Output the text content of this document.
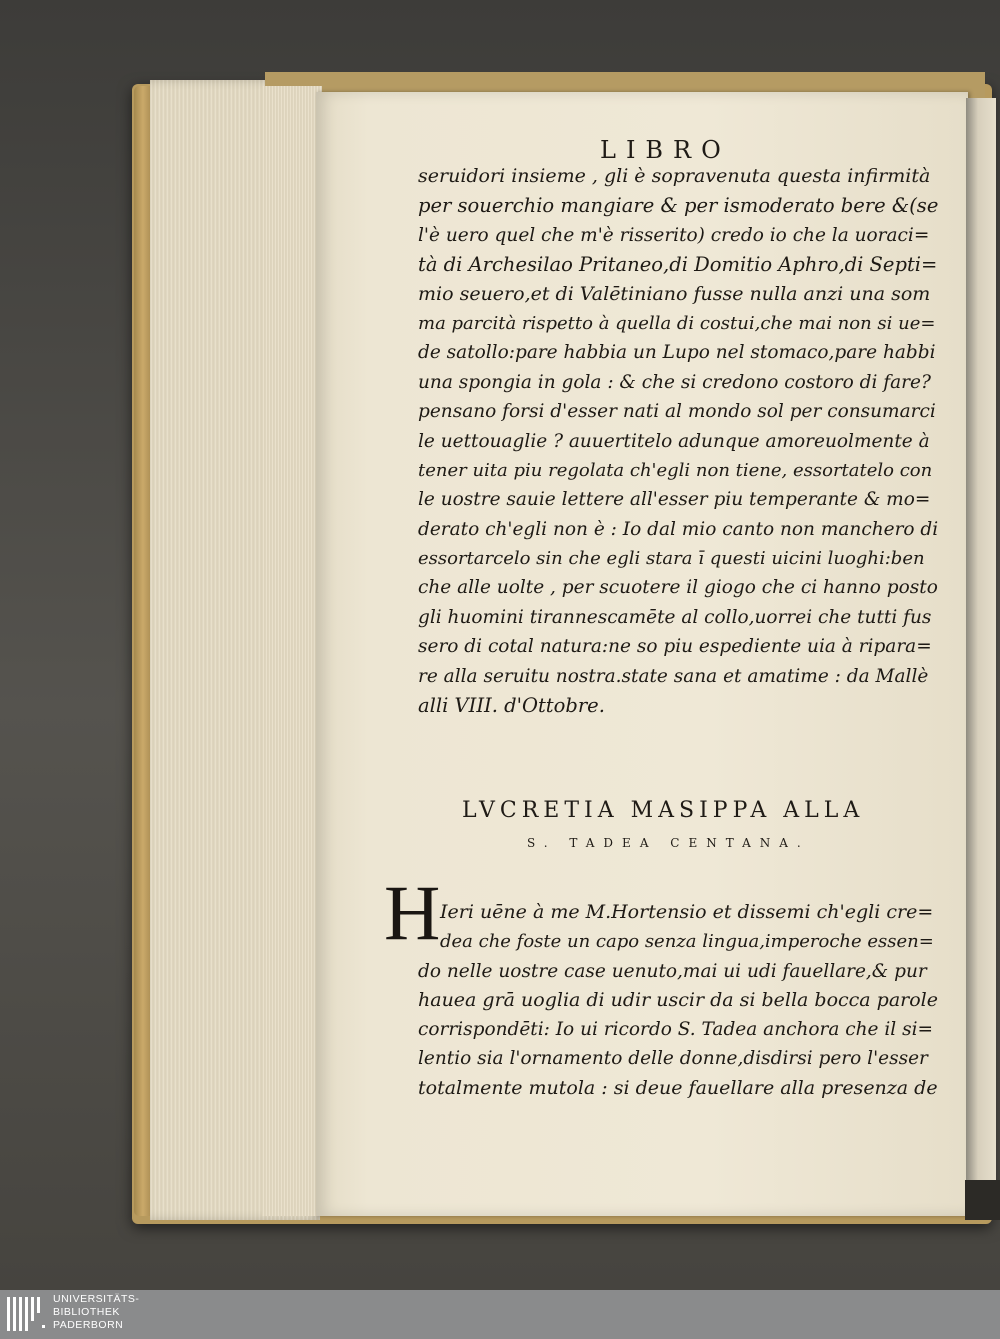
LIBRO
seruidori insieme , gli è sopravenuta questa infirmità
per souerchio mangiare & per ismoderato bere &(se
l'è uero quel che m'è risserito) credo io che la uoraci=
tà di Archesilao Pritaneo,di Domitio Aphro,di Septi=
mio seuero,et di Valētiniano fusse nulla anzi una som
ma parcità rispetto à quella di costui,che mai non si ue=
de satollo:pare habbia un Lupo nel stomaco,pare habbi
una spongia in gola : & che si credono costoro di fare?
pensano forsi d'esser nati al mondo sol per consumarci
le uettouaglie ? auuertitelo adunque amoreuolmente à
tener uita piu regolata ch'egli non tiene, essortatelo con
le uostre sauie lettere all'esser piu temperante & mo=
derato ch'egli non è : Io dal mio canto non manchero di
essortarcelo sin che egli stara ī questi uicini luoghi:ben
che alle uolte , per scuotere il giogo che ci hanno posto
gli huomini tirannescamēte al collo,uorrei che tutti fus
sero di cotal natura:ne so piu espediente uia à ripara=
re alla seruitu nostra.state sana et amatime : da Mallè
alli VIII. d'Ottobre.
LVCRETIA MASIPPA ALLA
S. TADEA CENTANA.
H Ieri uēne à me M.Hortensio et dissemi ch'egli cre=
dea che foste un capo senza lingua,imperoche essen=
do nelle uostre case uenuto,mai ui udi fauellare,& pur
hauea grā uoglia di udir uscir da si bella bocca parole
corrispondēti: Io ui ricordo S. Tadea anchora che il si=
lentio sia l'ornamento delle donne,disdirsi pero l'esser
totalmente mutola : si deue fauellare alla presenza de
UNIVERSITÄTS-
BIBLIOTHEK
PADERBORN
